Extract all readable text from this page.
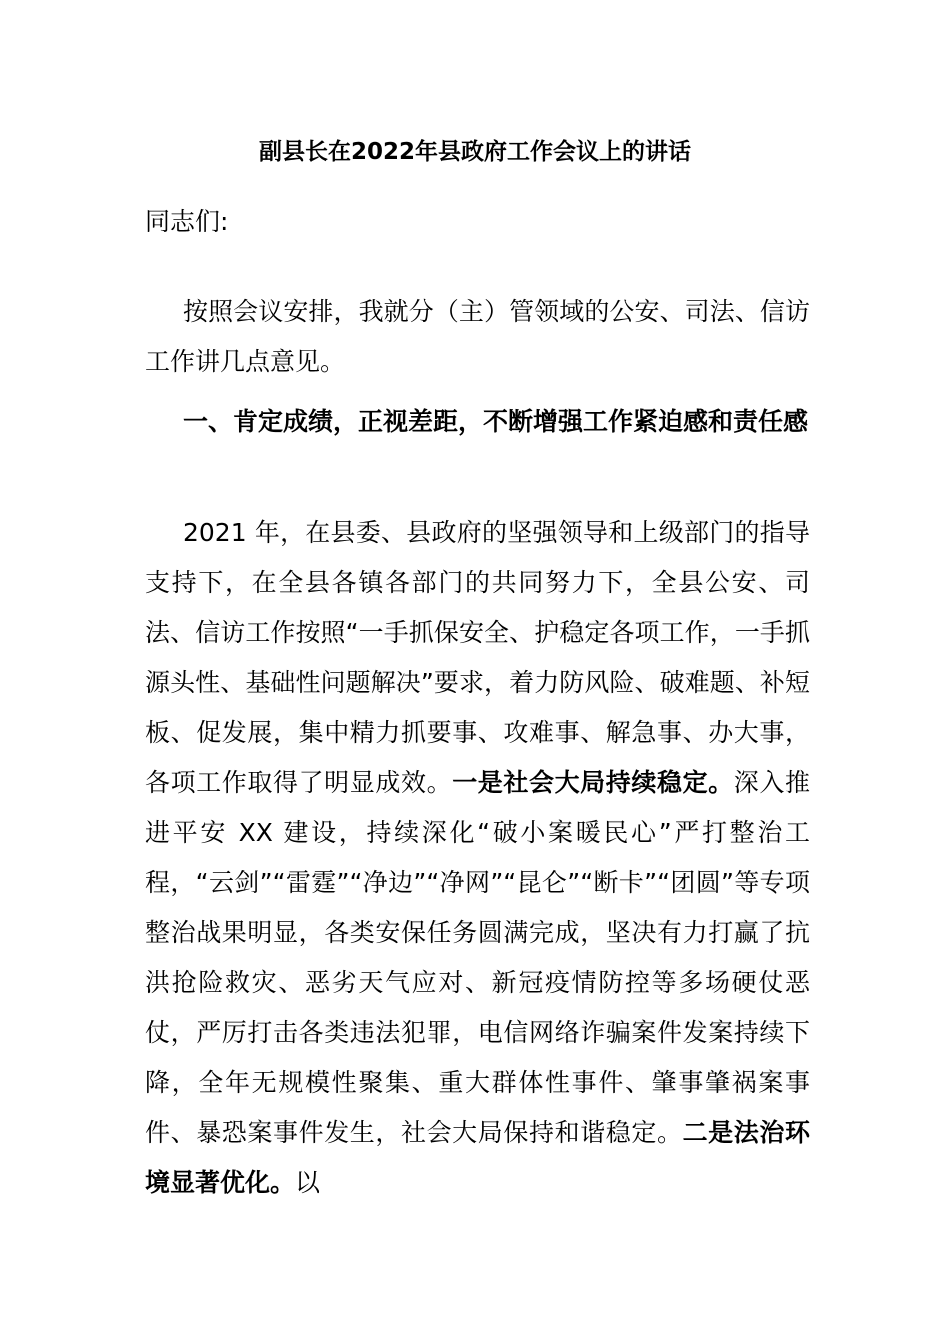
副县长在2022年县政府工作会议上的讲话

同志们:

按照会议安排，我就分（主）管领域的公安、司法、信访工作讲几点意见。

一、肯定成绩，正视差距，不断增强工作紧迫感和责任感

2021 年，在县委、县政府的坚强领导和上级部门的指导支持下，在全县各镇各部门的共同努力下，全县公安、司法、信访工作按照“一手抓保安全、护稳定各项工作，一手抓源头性、基础性问题解决”要求，着力防风险、破难题、补短板、促发展，集中精力抓要事、攻难事、解急事、办大事，各项工作取得了明显成效。一是社会大局持续稳定。深入推进平安 XX 建设，持续深化“破小案暖民心”严打整治工程，“云剑”“雷霆”“净边”“净网”“昆仑”“断卡”“团圆”等专项整治战果明显，各类安保任务圆满完成，坚决有力打赢了抗洪抢险救灾、恶劣天气应对、新冠疫情防控等多场硬仗恶仗，严厉打击各类违法犯罪，电信网络诈骗案件发案持续下降，全年无规模性聚集、重大群体性事件、肇事肇祸案事件、暴恐案事件发生，社会大局保持和谐稳定。二是法治环境显著优化。以
